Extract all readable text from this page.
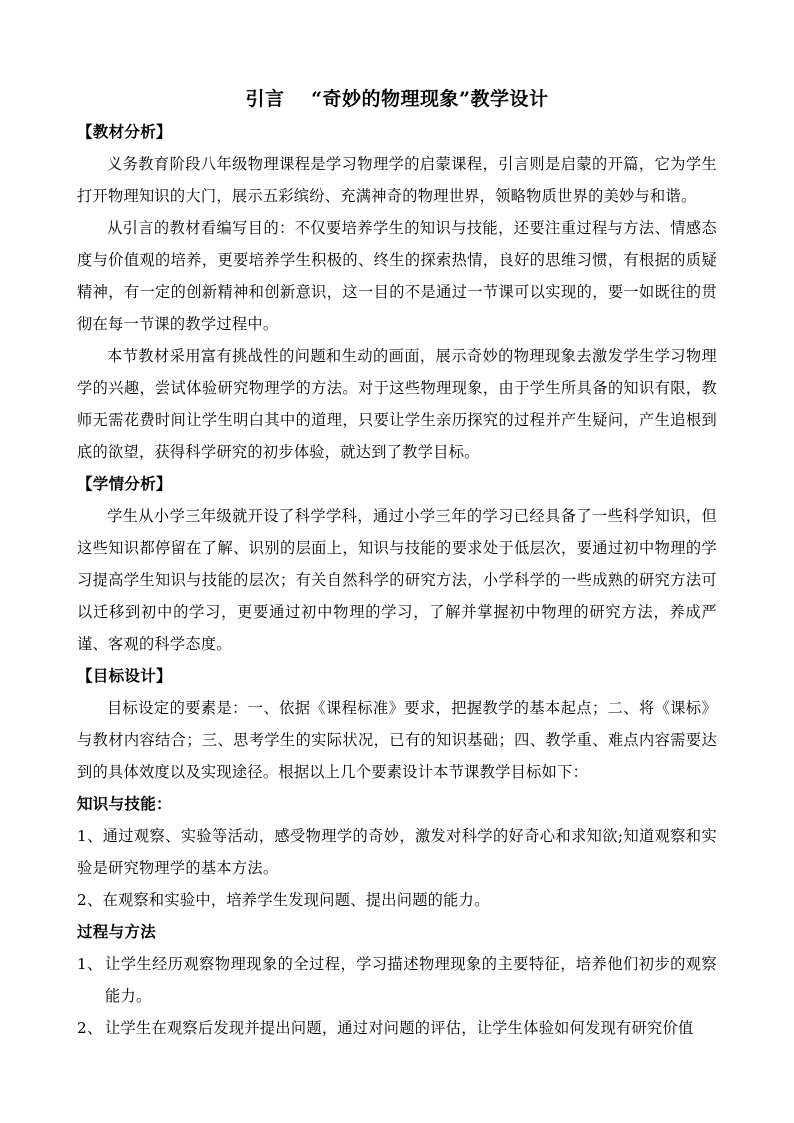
引言　 “奇妙的物理现象”教学设计
【教材分析】
义务教育阶段八年级物理课程是学习物理学的启蒙课程，引言则是启蒙的开篇，它为学生打开物理知识的大门，展示五彩缤纷、充满神奇的物理世界，领略物质世界的美妙与和谐。
从引言的教材看编写目的：不仅要培养学生的知识与技能，还要注重过程与方法、情感态度与价值观的培养，更要培养学生积极的、终生的探索热情，良好的思维习惯，有根据的质疑精神，有一定的创新精神和创新意识，这一目的不是通过一节课可以实现的，要一如既往的贯彻在每一节课的教学过程中。
本节教材采用富有挑战性的问题和生动的画面，展示奇妙的物理现象去激发学生学习物理学的兴趣，尝试体验研究物理学的方法。对于这些物理现象，由于学生所具备的知识有限，教师无需花费时间让学生明白其中的道理，只要让学生亲历探究的过程并产生疑问，产生追根到底的欲望，获得科学研究的初步体验，就达到了教学目标。
【学情分析】
学生从小学三年级就开设了科学学科，通过小学三年的学习已经具备了一些科学知识，但这些知识都停留在了解、识别的层面上，知识与技能的要求处于低层次，要通过初中物理的学习提高学生知识与技能的层次；有关自然科学的研究方法，小学科学的一些成熟的研究方法可以迁移到初中的学习，更要通过初中物理的学习，了解并掌握初中物理的研究方法，养成严谨、客观的科学态度。
【目标设计】
目标设定的要素是：一、依据《课程标准》要求，把握教学的基本起点；二、将《课标》与教材内容结合；三、思考学生的实际状况，已有的知识基础；四、教学重、难点内容需要达到的具体效度以及实现途径。根据以上几个要素设计本节课教学目标如下：
知识与技能：
1、通过观察、实验等活动，感受物理学的奇妙，激发对科学的好奇心和求知欲;知道观察和实验是研究物理学的基本方法。
2、在观察和实验中，培养学生发现问题、提出问题的能力。
过程与方法
1、 让学生经历观察物理现象的全过程，学习描述物理现象的主要特征，培养他们初步的观察能力。
2、 让学生在观察后发现并提出问题，通过对问题的评估，让学生体验如何发现有研究价值
